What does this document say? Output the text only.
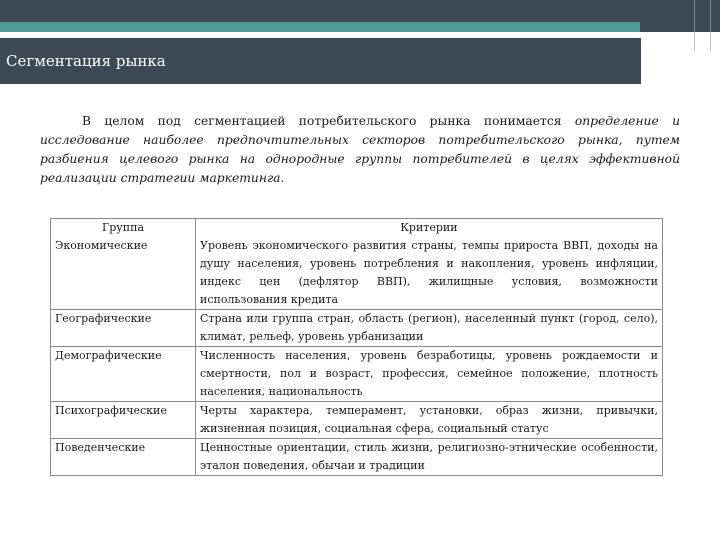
Сегментация рынка
В целом под сегментацией потребительского рынка понимается определение и исследование наиболее предпочтительных секторов потребительского рынка, путем разбиения целевого рынка на однородные группы потребителей в целях эффективной реализации стратегии маркетинга.
Группа	Критерии
Экономические	Уровень экономического развития страны, темпы прироста ВВП, доходы на душу населения, уровень потребления и накопления, уровень инфляции, индекс цен (дефлятор ВВП), жилищные условия, возможности использования кредита
Географические	Страна или группа стран, область (регион), населенный пункт (город, село), климат, рельеф, уровень урбанизации
Демографические	Численность населения, уровень безработицы, уровень рождаемости и смертности, пол и возраст, профессия, семейное положение, плотность населения, национальность
Психографические	Черты характера, темперамент, установки, образ жизни, привычки, жизненная позиция, социальная сфера, социальный статус
Поведенческие	Ценностные ориентации, стиль жизни, религиозно-этнические особенности, эталон поведения, обычаи и традиции
